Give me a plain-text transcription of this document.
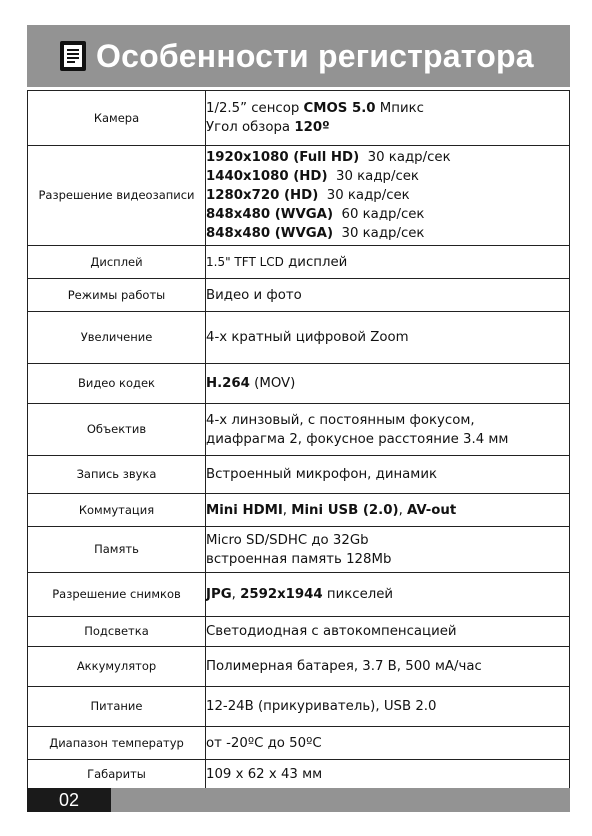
Особенности регистратора
Камера	1/2.5” сенсор CMOS 5.0 Мпикс
Угол обзора 120º

Разрешение видеозаписи	1920x1080 (Full HD)  30 кадр/сек
1440x1080 (HD)  30 кадр/сек
1280x720 (HD)  30 кадр/сек
848x480 (WVGA)  60 кадр/сек
848x480 (WVGA)  30 кадр/сек

Дисплей	1.5" TFT LCD дисплей

Режимы работы	Видео и фото

Увеличение	4-х кратный цифровой Zoom

Видео кодек	H.264 (MOV)

Объектив	4-х линзовый, с постоянным фокусом,
диафрагма 2, фокусное расстояние 3.4 мм

Запись звука	Встроенный микрофон, динамик

Коммутация	Mini HDMI, Mini USB (2.0), AV-out

Память	Micro SD/SDHC до 32Gb
встроенная память 128Mb

Разрешение снимков	JPG, 2592x1944 пикселей

Подсветка	Светодиодная с автокомпенсацией

Аккумулятор	Полимерная батарея, 3.7 В, 500 мА/час

Питание	12-24В (прикуриватель), USB 2.0

Диапазон температур	от -20ºС до 50ºС

Габариты	109 x 62 x 43 мм
02
